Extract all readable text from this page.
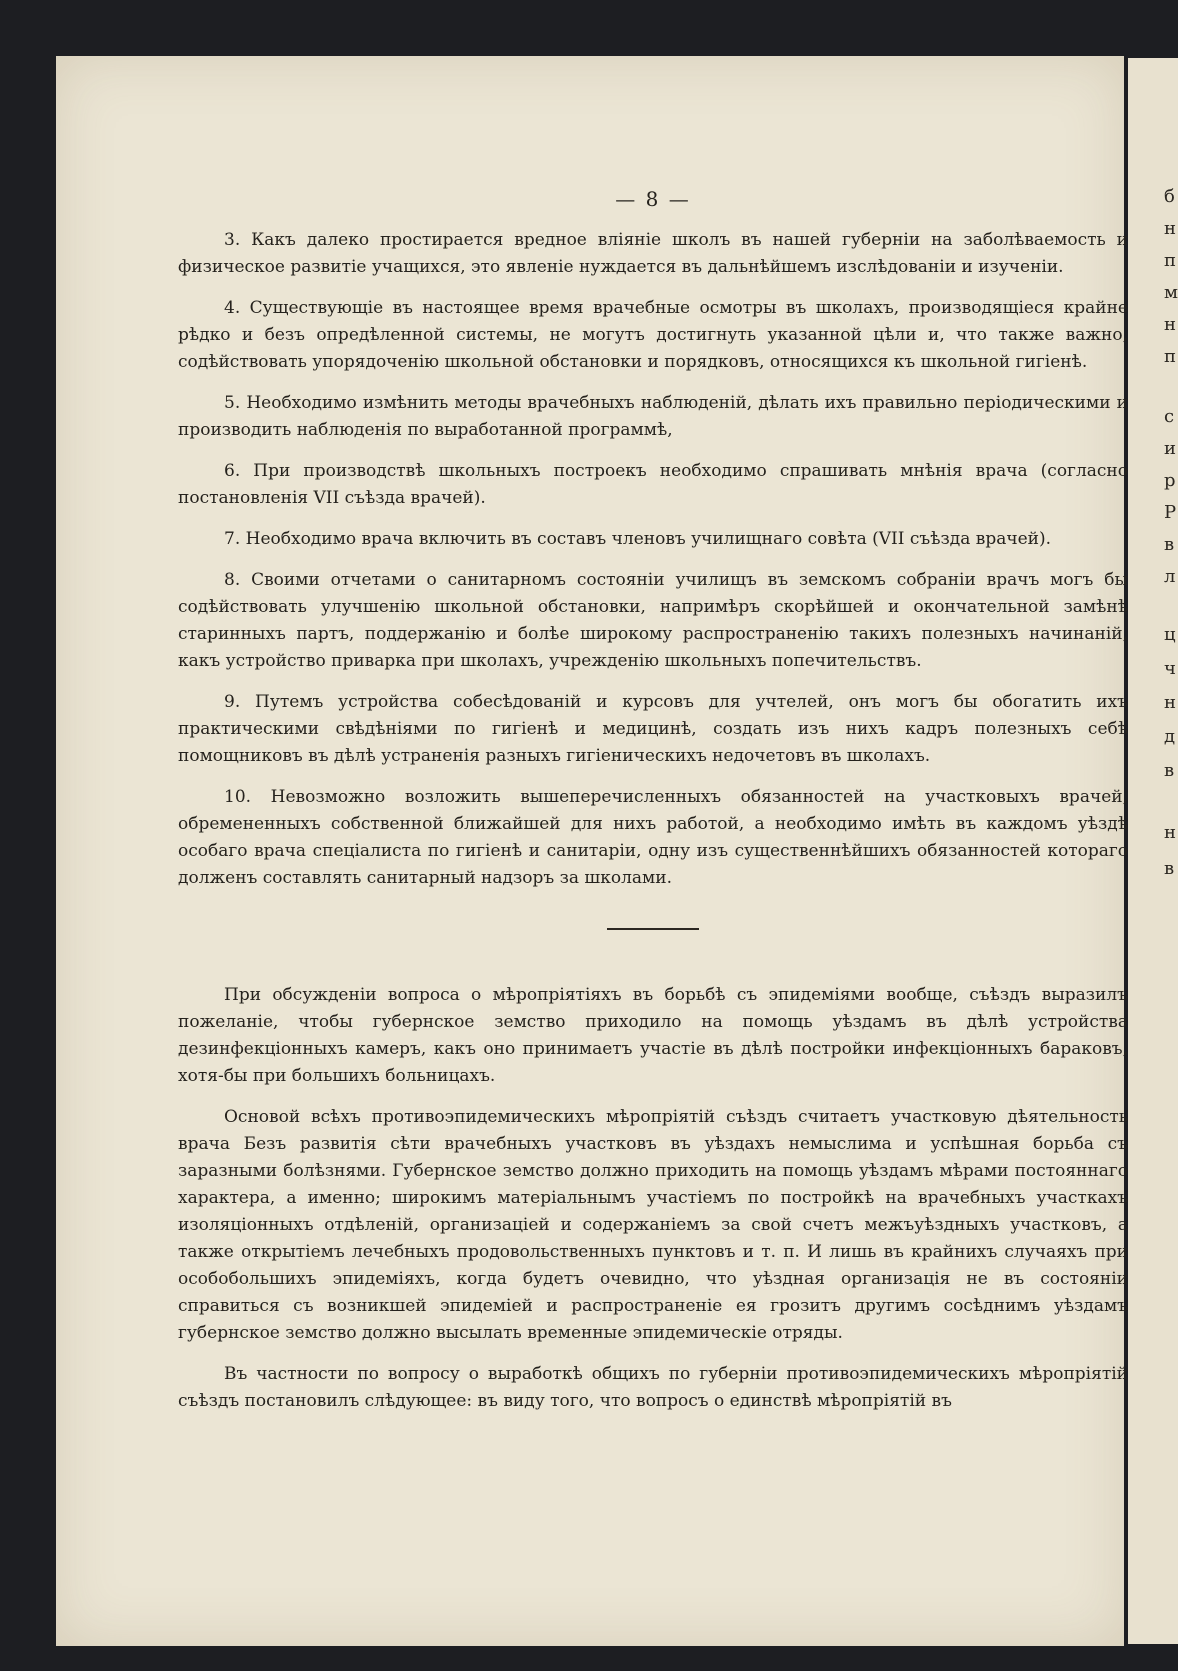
б
н
п
м
н
п
с
и
р
Р
в
л
ц
ч
н
д
в
н
в
— 8 —

3. Какъ далеко простирается вредное вліяніе школъ въ нашей губерніи на заболѣваемость и физическое развитіе учащихся, это явленіе нуждается въ дальнѣйшемъ изслѣдованіи и изученіи.

4. Существующіе въ настоящее время врачебные осмотры въ школахъ, производящіеся крайне рѣдко и безъ опредѣленной системы, не могутъ достигнуть указанной цѣли и, что также важно, содѣйствовать упорядоченію школьной обстановки и порядковъ, относящихся къ школьной гигіенѣ.

5. Необходимо измѣнить методы врачебныхъ наблюденій, дѣлать ихъ правильно періодическими и производить наблюденія по выработанной программѣ,

6. При производствѣ школьныхъ построекъ необходимо спрашивать мнѣнія врача (согласно постановленія VII съѣзда врачей).

7. Необходимо врача включить въ составъ членовъ училищнаго совѣта (VII съѣзда врачей).

8. Своими отчетами о санитарномъ состояніи училищъ въ земскомъ собраніи врачъ могъ бы содѣйствовать улучшенію школьной обстановки, напримѣръ скорѣйшей и окончательной замѣнѣ старинныхъ партъ, поддержанію и болѣе широкому распространенію такихъ полезныхъ начинаній, какъ устройство приварка при школахъ, учрежденію школьныхъ попечительствъ.

9. Путемъ устройства собесѣдованій и курсовъ для учтелей, онъ могъ бы обогатить ихъ практическими свѣдѣніями по гигіенѣ и медицинѣ, создать изъ нихъ кадръ полезныхъ себѣ помощниковъ въ дѣлѣ устраненія разныхъ гигіеническихъ недочетовъ въ школахъ.

10. Невозможно возложить вышеперечисленныхъ обязанностей на участковыхъ врачей, обремененныхъ собственной ближайшей для нихъ работой, а необходимо имѣть въ каждомъ уѣздѣ особаго врача спеціалиста по гигіенѣ и санитаріи, одну изъ существеннѣйшихъ обязанностей котораго долженъ составлять санитарный надзоръ за школами.

При обсужденіи вопроса о мѣропріятіяхъ въ борьбѣ съ эпидеміями вообще, съѣздъ выразилъ пожеланіе, чтобы губернское земство приходило на помощь уѣздамъ въ дѣлѣ устройства дезинфекціонныхъ камеръ, какъ оно принимаетъ участіе въ дѣлѣ постройки инфекціонныхъ бараковъ, хотя-бы при большихъ больницахъ.

Основой всѣхъ противоэпидемическихъ мѣропріятій съѣздъ считаетъ участковую дѣятельность врача Безъ развитія сѣти врачебныхъ участковъ въ уѣздахъ немыслима и успѣшная борьба съ заразными болѣзнями. Губернское земство должно приходить на помощь уѣздамъ мѣрами постояннаго характера, а именно; широкимъ матеріальнымъ участіемъ по постройкѣ на врачебныхъ участкахъ изоляціонныхъ отдѣленій, организаціей и содержаніемъ за свой счетъ межъуѣздныхъ участковъ, а также открытіемъ лечебныхъ продовольственныхъ пунктовъ и т. п. И лишь въ крайнихъ случаяхъ при особобольшихъ эпидеміяхъ, когда будетъ очевидно, что уѣздная организація не въ состояніи справиться съ возникшей эпидеміей и распространеніе ея грозитъ другимъ сосѣднимъ уѣздамъ губернское земство должно высылать временные эпидемическіе отряды.

Въ частности по вопросу о выработкѣ общихъ по губерніи противоэпидемическихъ мѣропріятій съѣздъ постановилъ слѣдующее: въ виду того, что вопросъ о единствѣ мѣропріятій въ
